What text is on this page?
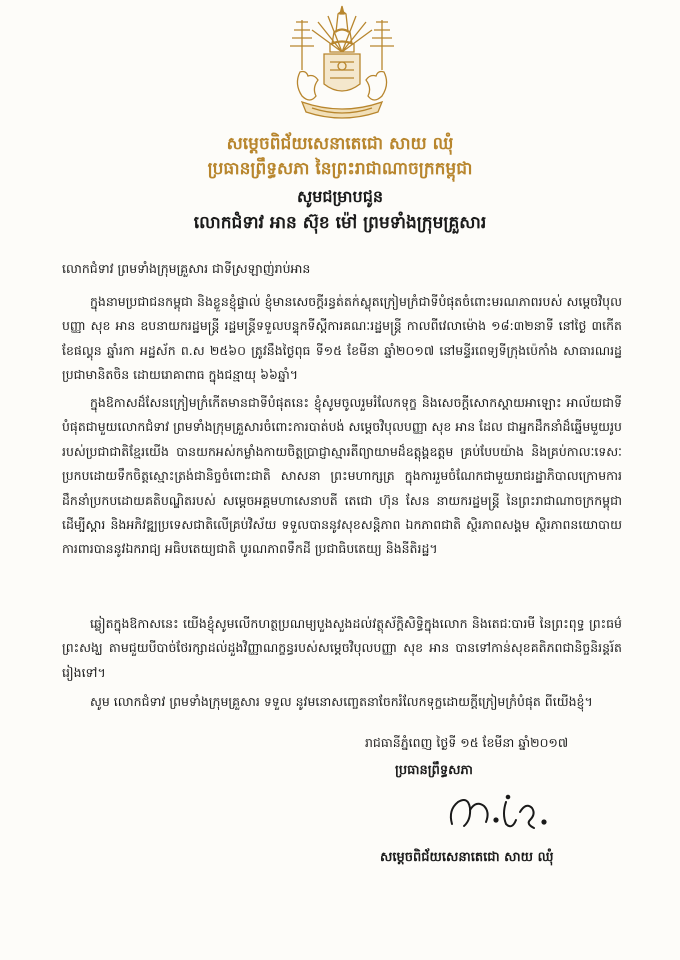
សម្តេចពិជ័យសេនាតេជោ សាយ ឈុំ
ប្រធានព្រឹទ្ធសភា នៃព្រះរាជាណាចក្រកម្ពុជា
សូមជម្រាបជូន
លោកជំទាវ អាន ស៊ុខ ម៉ៅ ព្រមទាំងក្រុមគ្រួសារ
លោកជំទាវ ព្រមទាំងក្រុមគ្រួសារ ជាទីស្រឡាញ់រាប់អាន
ក្នុងនាមប្រជាជនកម្ពុជា និងខ្លួនខ្ញុំផ្ទាល់ ខ្ញុំមានសេចក្តីរន្ធត់តក់ស្លុតក្រៀមក្រំជាទីបំផុតចំពោះមរណភាពរបស់ សម្តេចវិបុលបញ្ញា សុខ អាន ឧបនាយករដ្ឋមន្ត្រី រដ្ឋមន្ត្រីទទួលបន្ទុកទីស្តីការគណៈរដ្ឋមន្ត្រី កាលពីវេលាម៉ោង ១៨:៣២នាទី នៅថ្ងៃ ៣កើត ខែផល្គុន ឆ្នាំរកា អដ្ឋស័ក ព.ស ២៥៦០ ត្រូវនឹងថ្ងៃពុធ ទី១៥ ខែមីនា ឆ្នាំ២០១៧ នៅមន្ទីរពេទ្យទីក្រុងប៉េកាំង សាធារណរដ្ឋប្រជាមានិតចិន ដោយរោគាពាធ ក្នុងជន្មាយុ ៦៦ឆ្នាំ។
ក្នុងឱកាសដ៏សែនក្រៀមក្រំកើតមានជាទីបំផុតនេះ ខ្ញុំសូមចូលរួមរំលែកទុក្ខ និងសេចក្តីសោកស្តាយអាឡោះ អាល័យជាទីបំផុតជាមួយលោកជំទាវ ព្រមទាំងក្រុមគ្រួសារចំពោះការបាត់បង់ សម្តេចវិបុលបញ្ញា សុខ អាន ដែល ជាអ្នកដឹកនាំដ៏ឆ្នើមមួយរូបរបស់ប្រជាជាតិខ្មែរយើង បានយកអស់កម្លាំងកាយចិត្តប្រាជ្ញាស្មារតីព្យាយាមដ៏ឧត្តុង្គឧត្តម គ្រប់បែបយ៉ាង និងគ្រប់កាលៈទេសៈប្រកបដោយទឹកចិត្តស្មោះត្រង់ជានិច្ចចំពោះជាតិ សាសនា ព្រះមហាក្សត្រ ក្នុងការរួមចំណែកជាមួយរាជរដ្ឋាភិបាលក្រោមការដឹកនាំប្រកបដោយគតិបណ្ឌិតរបស់ សម្តេចអគ្គមហាសេនាបតី តេជោ ហ៊ុន សែន នាយករដ្ឋមន្ត្រី នៃព្រះរាជាណាចក្រកម្ពុជា ដើម្បីស្តារ និងអភិវឌ្ឍប្រទេសជាតិលើគ្រប់វិស័យ ទទួលបាននូវសុខសន្តិភាព ឯកភាពជាតិ ស្ថិរភាពសង្គម ស្ថិរភាពនយោបាយ ការពារបាននូវឯករាជ្យ អធិបតេយ្យជាតិ បូរណភាពទឹកដី ប្រជាធិបតេយ្យ និងនីតិរដ្ឋ។
ឆ្លៀតក្នុងឱកាសនេះ យើងខ្ញុំសូមលើកហត្ថប្រណម្យបួងសួងដល់វត្ថុស័ក្តិសិទ្ធិក្នុងលោក និងតេជៈបារមី នៃព្រះពុទ្ធ ព្រះធម៌ ព្រះសង្ឃ តាមជួយបីបាច់ថែរក្សាដល់ដួងវិញ្ញាណក្ខន្ធរបស់សម្តេចវិបុលបញ្ញា សុខ អាន បានទៅកាន់សុខគតិភពជានិច្ចនិរន្តរ៍តរៀងទៅ។
សូម លោកជំទាវ ព្រមទាំងក្រុមគ្រួសារ ទទួល នូវមនោសញ្ចេតនាចែករំលែកទុក្ខដោយក្តីក្រៀមក្រំបំផុត ពីយើងខ្ញុំ។
រាជធានីភ្នំពេញ ថ្ងៃទី ១៥ ខែមីនា ឆ្នាំ២០១៧
ប្រធានព្រឹទ្ធសភា
សម្តេចពិជ័យសេនាតេជោ សាយ ឈុំ
